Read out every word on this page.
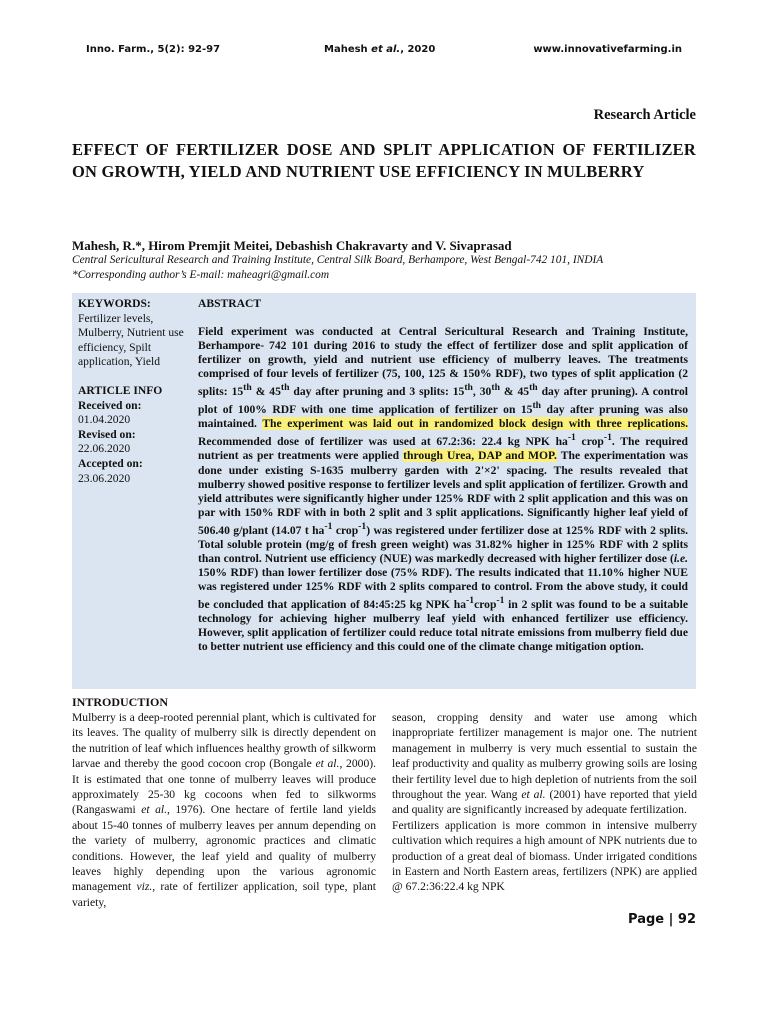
Inno. Farm., 5(2): 92-97	Mahesh et al., 2020	www.innovativefarming.in
Research Article
EFFECT OF FERTILIZER DOSE AND SPLIT APPLICATION OF FERTILIZER ON GROWTH, YIELD AND NUTRIENT USE EFFICIENCY IN MULBERRY
Mahesh, R.*, Hirom Premjit Meitei, Debashish Chakravarty and V. Sivaprasad
Central Sericultural Research and Training Institute, Central Silk Board, Berhampore, West Bengal-742 101, INDIA
*Corresponding author’s E-mail: maheagri@gmail.com
KEYWORDS:
Fertilizer levels, Mulberry, Nutrient use efficiency, Spilt application, Yield
ARTICLE INFO
Received on:
01.04.2020
Revised on:
22.06.2020
Accepted on:
23.06.2020
ABSTRACT

Field experiment was conducted at Central Sericultural Research and Training Institute, Berhampore- 742 101 during 2016 to study the effect of fertilizer dose and split application of fertilizer on growth, yield and nutrient use efficiency of mulberry leaves. The treatments comprised of four levels of fertilizer (75, 100, 125 & 150% RDF), two types of split application (2 splits: 15th & 45th day after pruning and 3 splits: 15th, 30th & 45th day after pruning). A control plot of 100% RDF with one time application of fertilizer on 15th day after pruning was also maintained. The experiment was laid out in randomized block design with three replications. Recommended dose of fertilizer was used at 67.2:36: 22.4 kg NPK $ha^{-1}$ crop$^{-1}$. The required nutrient as per treatments were applied through Urea, DAP and MOP. The experimentation was done under existing S-1635 mulberry garden with 2'×2' spacing. The results revealed that mulberry showed positive response to fertilizer levels and split application of fertilizer. Growth and yield attributes were significantly higher under 125% RDF with 2 split application and this was on par with 150% RDF with in both 2 split and 3 split applications. Significantly higher leaf yield of 506.40 g/plant (14.07 t $ha^{-1}$ crop$^{-1}$) was registered under fertilizer dose at 125% RDF with 2 splits. Total soluble protein (mg/g of fresh green weight) was 31.82% higher in 125% RDF with 2 splits than control. Nutrient use efficiency (NUE) was markedly decreased with higher fertilizer dose (i.e. 150% RDF) than lower fertilizer dose (75% RDF). The results indicated that 11.10% higher NUE was registered under 125% RDF with 2 splits compared to control. From the above study, it could be concluded that application of 84:45:25 kg NPK $ha^{-1}crop^{-1}$ in 2 split was found to be a suitable technology for achieving higher mulberry leaf yield with enhanced fertilizer use efficiency. However, split application of fertilizer could reduce total nitrate emissions from mulberry field due to better nutrient use efficiency and this could one of the climate change mitigation option.

INTRODUCTION

Mulberry is a deep-rooted perennial plant, which is cultivated for its leaves. The quality of mulberry silk is directly dependent on the nutrition of leaf which influences healthy growth of silkworm larvae and thereby the good cocoon crop (Bongale et al., 2000). It is estimated that one tonne of mulberry leaves will produce approximately 25-30 kg cocoons when fed to silkworms (Rangaswami et al., 1976). One hectare of fertile land yields about 15-40 tonnes of mulberry leaves per annum depending on the variety of mulberry, agronomic practices and climatic conditions. However, the leaf yield and quality of mulberry leaves highly depending upon the various agronomic management viz., rate of fertilizer application, soil type, plant variety,

season, cropping density and water use among which inappropriate fertilizer management is major one. The nutrient management in mulberry is very much essential to sustain the leaf productivity and quality as mulberry growing soils are losing their fertility level due to high depletion of nutrients from the soil throughout the year. Wang et al. (2001) have reported that yield and quality are significantly increased by adequate fertilization.

Fertilizers application is more common in intensive mulberry cultivation which requires a high amount of NPK nutrients due to production of a great deal of biomass. Under irrigated conditions in Eastern and North Eastern areas, fertilizers (NPK) are applied @ 67.2:36:22.4 kg NPK

Page | 92
